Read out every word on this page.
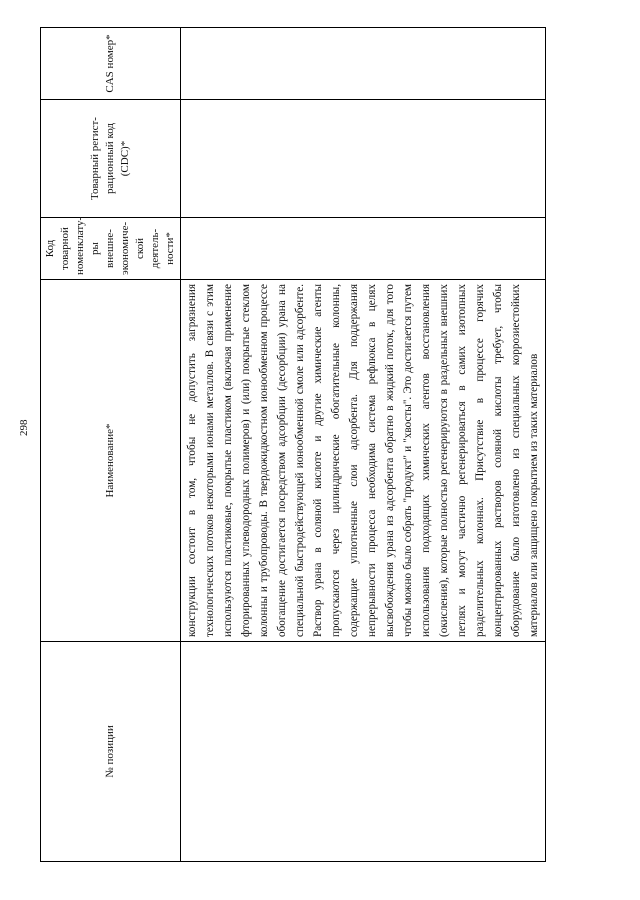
298
№ позиции	Наименование*	Код товарной номенклату-ры внешне-экономиче-ской деятель-ности*	Товарный регист-рационный код (CDC)*	CAS номер*

	конструкции состоит в том, чтобы не допустить загрязнения технологических потоков некоторыми ионами металлов. В связи с этим используются пластиковые, покрытые пластиком (включая применение фторированных углеводородных полимеров) и (или) покрытые стеклом колонны и трубопроводы. В твердожидкостном ионообменном процессе обогащение достигается посредством адсорбции (десорбции) урана на специальной быстродействующей ионообменной смоле или адсорбенте. Раствор урана в соляной кислоте и другие химические агенты пропускаются через цилиндрические обогатительные колонны, содержащие уплотненные слои адсорбента. Для поддержания непрерывности процесса необходима система рефлюкса в целях высвобождения урана из адсорбента обратно в жидкий поток, для того чтобы можно было собрать "продукт" и "хвосты". Это достигается путем использования подходящих химических агентов восстановления (окисления), которые полностью регенерируются в раздельных внешних петлях и могут частично регенерироваться в самих изотопных разделительных колоннах. Присутствие в процессе горячих концентрированных растворов соляной кислоты требует, чтобы оборудование было изготовлено из специальных коррозиестойких материалов или защищено покрытием из таких материалов			
